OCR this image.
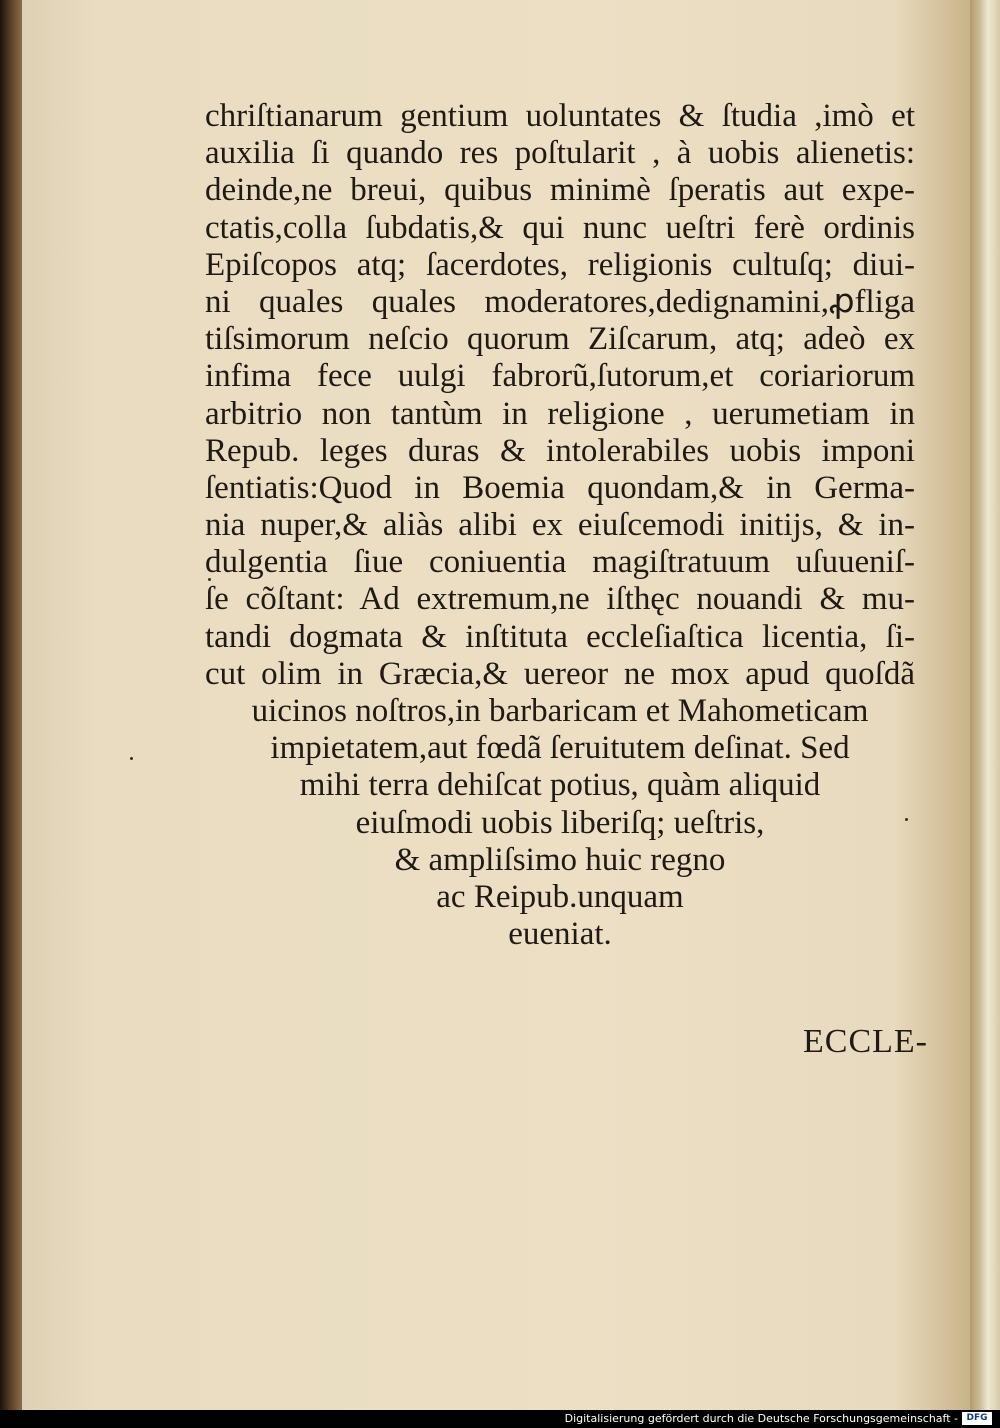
chriſtianarum gentium uoluntates & ſtudia ,imò et
auxilia ſi quando res poſtularit , à uobis alienetis:
deinde,ne breui, quibus minimè ſperatis aut expe-
ctatis,colla ſubdatis,& qui nunc ueſtri ferè ordinis
Epiſcopos atq; ſacerdotes, religionis cultuſq; diui-
ni quales quales moderatores,dedignamini,ꝓfliga
tiſsimorum neſcio quorum Ziſcarum, atq; adeò ex
infima fece uulgi fabrorũ,ſutorum,et coriariorum
arbitrio non tantùm in religione , uerumetiam in
Repub. leges duras & intolerabiles uobis imponi
ſentiatis:Quod in Boemia quondam,& in Germa-
nia nuper,& aliàs alibi ex eiuſcemodi initijs, & in-
dulgentia ſiue coniuentia magiſtratuum uſuueniſ-
ſe cõſtant: Ad extremum,ne iſthęc nouandi & mu-
tandi dogmata & inſtituta eccleſiaſtica licentia, ſi-
cut olim in Græcia,& uereor ne mox apud quoſdã
uicinos noſtros,in barbaricam et Mahometicam
impietatem,aut fœdã ſeruitutem deſinat. Sed
mihi terra dehiſcat potius, quàm aliquid
eiuſmodi uobis liberiſq; ueſtris,
& ampliſsimo huic regno
ac Reipub.unquam
eueniat.
ECCLE-
Digitalisierung gefördert durch die Deutsche Forschungsgemeinschaft - DFG
